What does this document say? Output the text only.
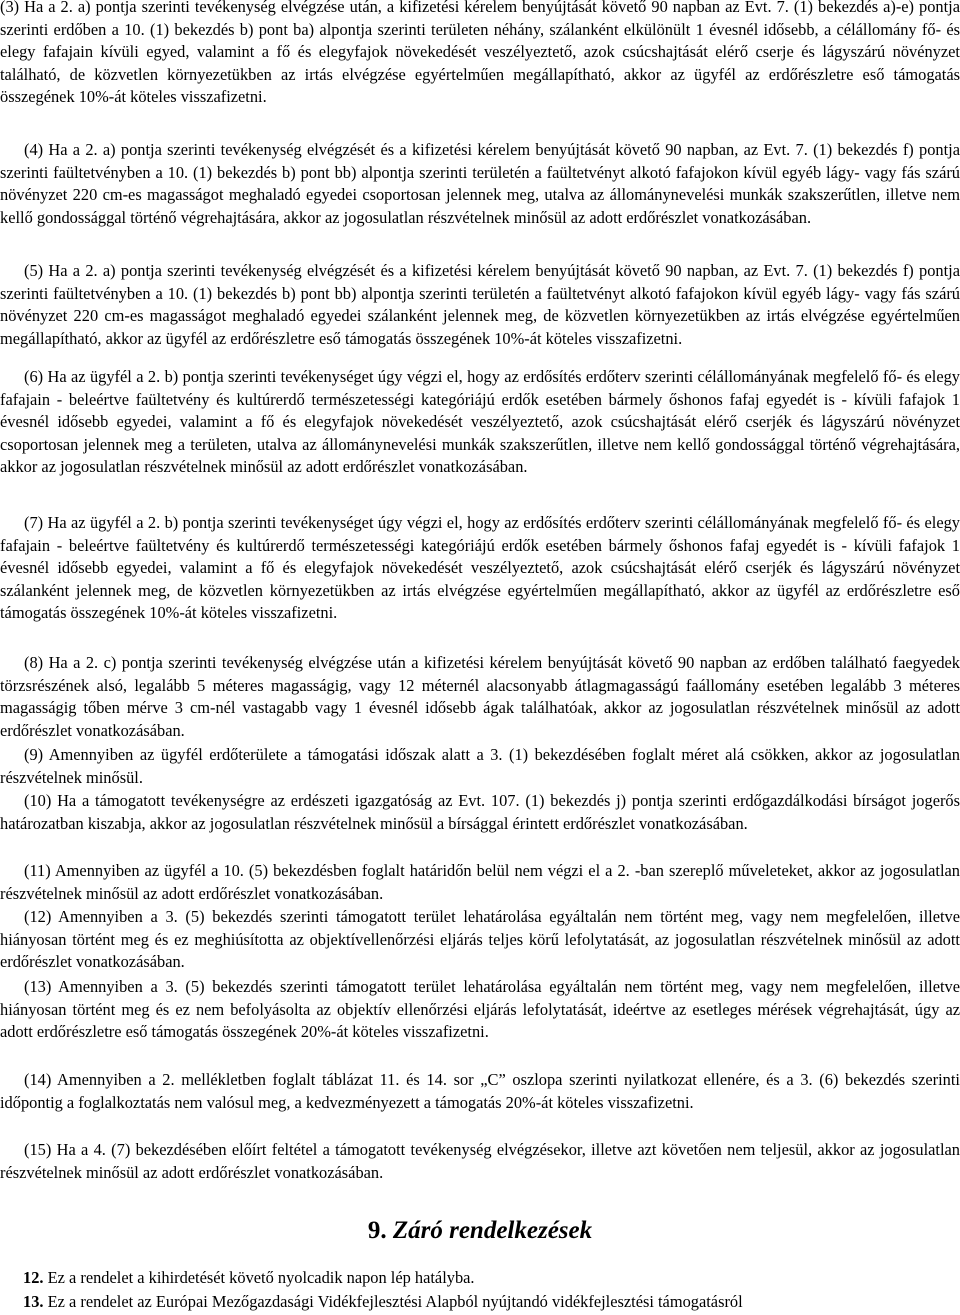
(3) Ha a 2. a) pontja szerinti tevékenység elvégzése után, a kifizetési kérelem benyújtását követő 90 napban az Evt. 7. (1) bekezdés a)-e) pontja szerinti erdőben a 10. (1) bekezdés b) pont ba) alpontja szerinti területen néhány, szálanként elkülönült 1 évesnél idősebb, a célállomány fő- és elegy fafajain kívüli egyed, valamint a fő és elegyfajok növekedését veszélyeztető, azok csúcshajtását elérő cserje és lágyszárú növényzet található, de közvetlen környezetükben az irtás elvégzése egyértelműen megállapítható, akkor az ügyfél az erdőrészletre eső támogatás összegének 10%-át köteles visszafizetni.

(4) Ha a 2. a) pontja szerinti tevékenység elvégzését és a kifizetési kérelem benyújtását követő 90 napban, az Evt. 7. (1) bekezdés f) pontja szerinti faültetvényben a 10. (1) bekezdés b) pont bb) alpontja szerinti területén a faültetvényt alkotó fafajokon kívül egyéb lágy- vagy fás szárú növényzet 220 cm-es magasságot meghaladó egyedei csoportosan jelennek meg, utalva az állománynevelési munkák szakszerűtlen, illetve nem kellő gondossággal történő végrehajtására, akkor az jogosulatlan részvételnek minősül az adott erdőrészlet vonatkozásában.

(5) Ha a 2. a) pontja szerinti tevékenység elvégzését és a kifizetési kérelem benyújtását követő 90 napban, az Evt. 7. (1) bekezdés f) pontja szerinti faültetvényben a 10. (1) bekezdés b) pont bb) alpontja szerinti területén a faültetvényt alkotó fafajokon kívül egyéb lágy- vagy fás szárú növényzet 220 cm-es magasságot meghaladó egyedei szálanként jelennek meg, de közvetlen környezetükben az irtás elvégzése egyértelműen megállapítható, akkor az ügyfél az erdőrészletre eső támogatás összegének 10%-át köteles visszafizetni.

(6) Ha az ügyfél a 2. b) pontja szerinti tevékenységet úgy végzi el, hogy az erdősítés erdőterv szerinti célállományának megfelelő fő- és elegy fafajain - beleértve faültetvény és kultúrerdő természetességi kategóriájú erdők esetében bármely őshonos fafaj egyedét is - kívüli fafajok 1 évesnél idősebb egyedei, valamint a fő és elegyfajok növekedését veszélyeztető, azok csúcshajtását elérő cserjék és lágyszárú növényzet csoportosan jelennek meg a területen, utalva az állománynevelési munkák szakszerűtlen, illetve nem kellő gondossággal történő végrehajtására, akkor az jogosulatlan részvételnek minősül az adott erdőrészlet vonatkozásában.

(7) Ha az ügyfél a 2. b) pontja szerinti tevékenységet úgy végzi el, hogy az erdősítés erdőterv szerinti célállományának megfelelő fő- és elegy fafajain - beleértve faültetvény és kultúrerdő természetességi kategóriájú erdők esetében bármely őshonos fafaj egyedét is - kívüli fafajok 1 évesnél idősebb egyedei, valamint a fő és elegyfajok növekedését veszélyeztető, azok csúcshajtását elérő cserjék és lágyszárú növényzet szálanként jelennek meg, de közvetlen környezetükben az irtás elvégzése egyértelműen megállapítható, akkor az ügyfél az erdőrészletre eső támogatás összegének 10%-át köteles visszafizetni.

(8) Ha a 2. c) pontja szerinti tevékenység elvégzése után a kifizetési kérelem benyújtását követő 90 napban az erdőben található faegyedek törzsrészének alsó, legalább 5 méteres magasságig, vagy 12 méternél alacsonyabb átlagmagasságú faállomány esetében legalább 3 méteres magasságig tőben mérve 3 cm-nél vastagabb vagy 1 évesnél idősebb ágak találhatóak, akkor az jogosulatlan részvételnek minősül az adott erdőrészlet vonatkozásában.

(9) Amennyiben az ügyfél erdőterülete a támogatási időszak alatt a 3. (1) bekezdésében foglalt méret alá csökken, akkor az jogosulatlan részvételnek minősül.

(10) Ha a támogatott tevékenységre az erdészeti igazgatóság az Evt. 107. (1) bekezdés j) pontja szerinti erdőgazdálkodási bírságot jogerős határozatban kiszabja, akkor az jogosulatlan részvételnek minősül a bírsággal érintett erdőrészlet vonatkozásában.

(11) Amennyiben az ügyfél a 10. (5) bekezdésben foglalt határidőn belül nem végzi el a 2. -ban szereplő műveleteket, akkor az jogosulatlan részvételnek minősül az adott erdőrészlet vonatkozásában.

(12) Amennyiben a 3. (5) bekezdés szerinti támogatott terület lehatárolása egyáltalán nem történt meg, vagy nem megfelelően, illetve hiányosan történt meg és ez meghiúsította az objektívellenőrzési eljárás teljes körű lefolytatását, az jogosulatlan részvételnek minősül az adott erdőrészlet vonatkozásában.

(13) Amennyiben a 3. (5) bekezdés szerinti támogatott terület lehatárolása egyáltalán nem történt meg, vagy nem megfelelően, illetve hiányosan történt meg és ez nem befolyásolta az objektív ellenőrzési eljárás lefolytatását, ideértve az esetleges mérések végrehajtását, úgy az adott erdőrészletre eső támogatás összegének 20%-át köteles visszafizetni.

(14) Amennyiben a 2. mellékletben foglalt táblázat 11. és 14. sor „C” oszlopa szerinti nyilatkozat ellenére, és a 3. (6) bekezdés szerinti időpontig a foglalkoztatás nem valósul meg, a kedvezményezett a támogatás 20%-át köteles visszafizetni.

(15) Ha a 4. (7) bekezdésében előírt feltétel a támogatott tevékenység elvégzésekor, illetve azt követően nem teljesül, akkor az jogosulatlan részvételnek minősül az adott erdőrészlet vonatkozásában.

9. Záró rendelkezések

12. Ez a rendelet a kihirdetését követő nyolcadik napon lép hatályba.

13. Ez a rendelet az Európai Mezőgazdasági Vidékfejlesztési Alapból nyújtandó vidékfejlesztési támogatásról
